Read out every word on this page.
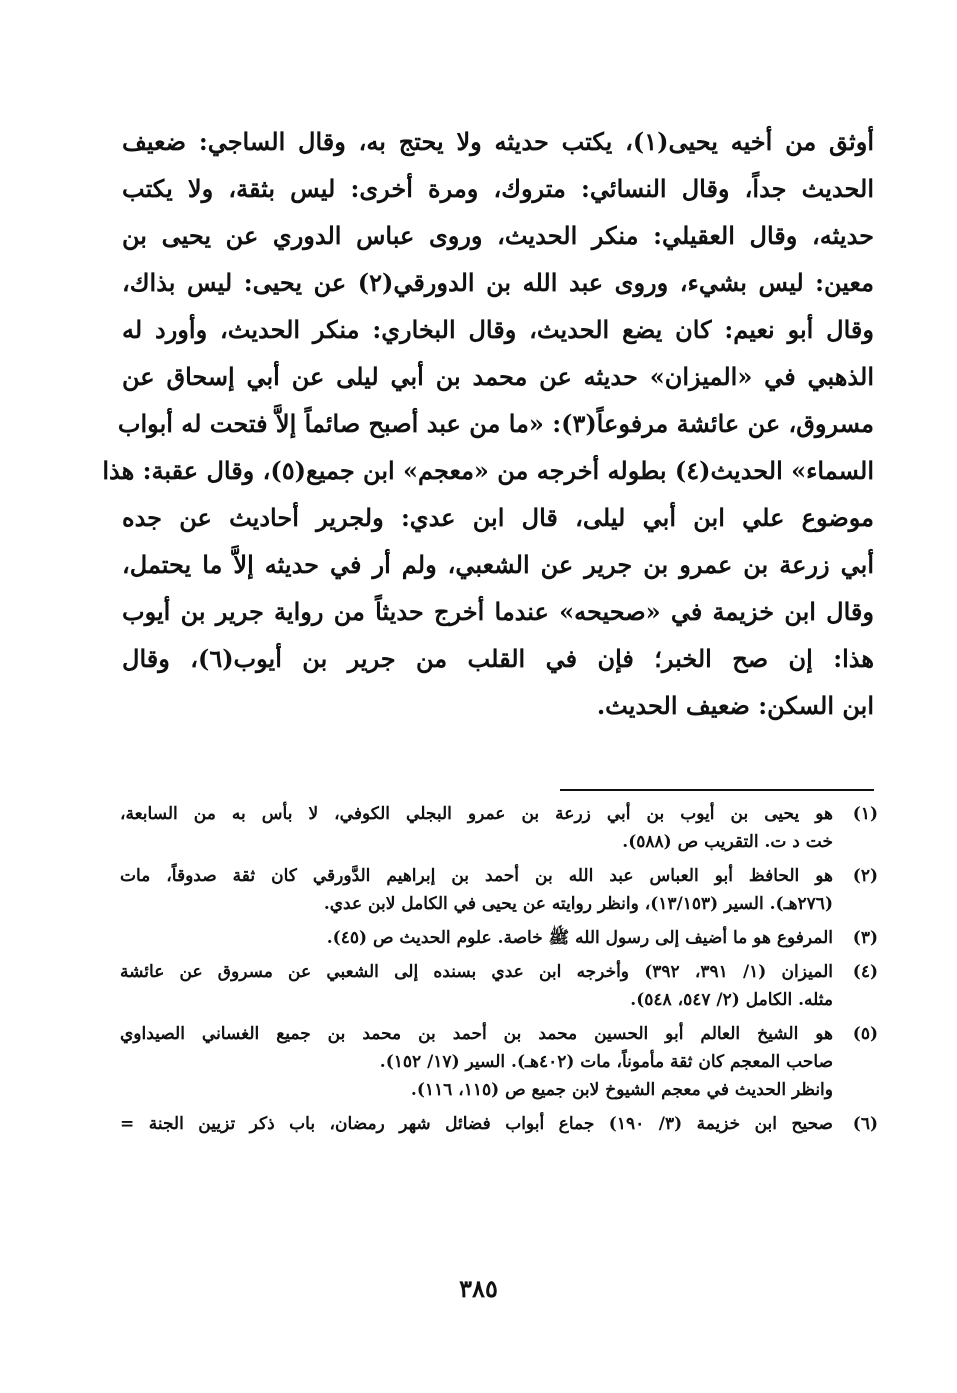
أوثق من أخيه يحيى(١)، يكتب حديثه ولا يحتج به، وقال الساجي: ضعيف
الحديث جداً، وقال النسائي: متروك، ومرة أخرى: ليس بثقة، ولا يكتب
حديثه، وقال العقيلي: منكر الحديث، وروى عباس الدوري عن يحيى بن
معين: ليس بشيء، وروى عبد الله بن الدورقي(٢) عن يحيى: ليس بذاك،
وقال أبو نعيم: كان يضع الحديث، وقال البخاري: منكر الحديث، وأورد له
الذهبي في «الميزان» حديثه عن محمد بن أبي ليلى عن أبي إسحاق عن
مسروق، عن عائشة مرفوعاً(٣): «ما من عبد أصبح صائماً إلاَّ فتحت له أبواب
السماء» الحديث(٤) بطوله أخرجه من «معجم» ابن جميع(٥)، وقال عقبة: هذا
موضوع علي ابن أبي ليلى، قال ابن عدي: ولجرير أحاديث عن جده
أبي زرعة بن عمرو بن جرير عن الشعبي، ولم أر في حديثه إلاَّ ما يحتمل،
وقال ابن خزيمة في «صحيحه» عندما أخرج حديثاً من رواية جرير بن أيوب
هذا: إن صح الخبر؛ فإن في القلب من جرير بن أيوب(٦)، وقال
ابن السكن: ضعيف الحديث.
(١)
هو يحيى بن أيوب بن أبي زرعة بن عمرو البجلي الكوفي، لا بأس به من السابعة،
خت د ت. التقريب ص (٥٨٨).
(٢)
هو الحافظ أبو العباس عبد الله بن أحمد بن إبراهيم الدَّورقي كان ثقة صدوقاً، مات
(٢٧٦هـ). السير (١٣/١٥٣)، وانظر روايته عن يحيى في الكامل لابن عدي.
(٣)
المرفوع هو ما أضيف إلى رسول الله ﷺ خاصة. علوم الحديث ص (٤٥).
(٤)
الميزان (١/ ٣٩١، ٣٩٢) وأخرجه ابن عدي بسنده إلى الشعبي عن مسروق عن عائشة
مثله. الكامل (٢/ ٥٤٧، ٥٤٨).
(٥)
هو الشيخ العالم أبو الحسين محمد بن أحمد بن محمد بن جميع الغساني الصيداوي
صاحب المعجم كان ثقة مأموناً، مات (٤٠٢هـ). السير (١٧/ ١٥٢).
وانظر الحديث في معجم الشيوخ لابن جميع ص (١١٥، ١١٦).
(٦)
صحيح ابن خزيمة (٣/ ١٩٠) جماع أبواب فضائل شهر رمضان، باب ذكر تزيين الجنة =
٣٨٥
